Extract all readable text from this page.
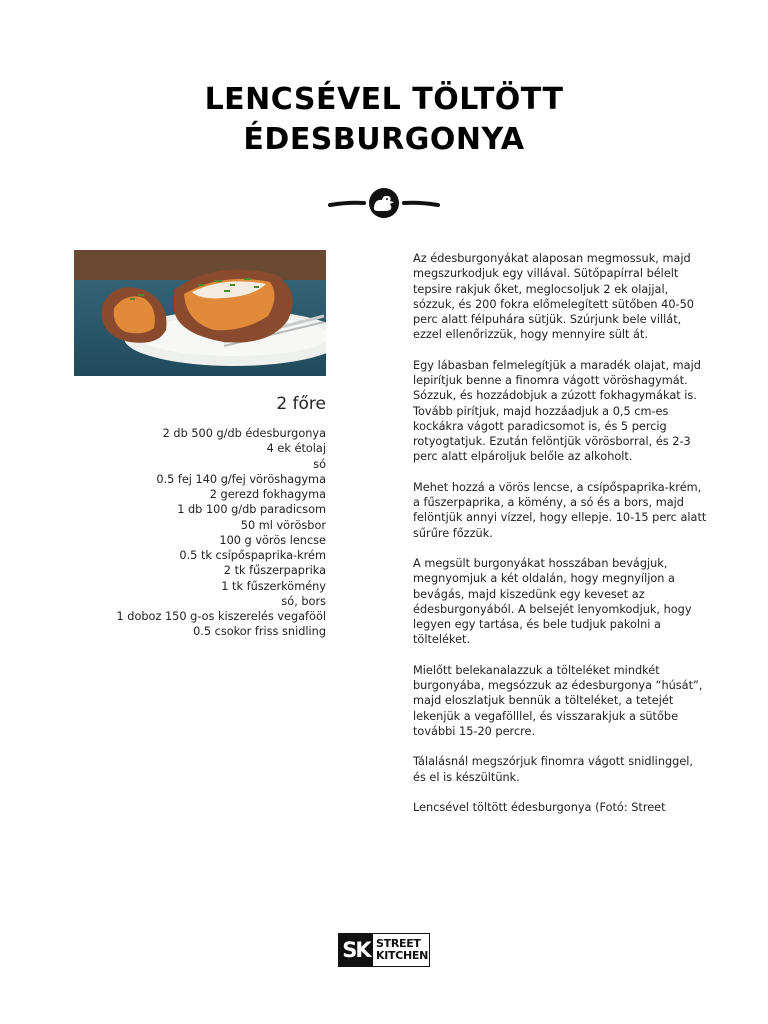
LENCSÉVEL TÖLTÖTT
ÉDESBURGONYA
2 főre
2 db 500 g/db édesburgonya
4 ek étolaj
só
0.5 fej 140 g/fej vöröshagyma
2 gerezd fokhagyma
1 db 100 g/db paradicsom
50 ml vörösbor
100 g vörös lencse
0.5 tk csípőspaprika-krém
2 tk fűszerpaprika
1 tk fűszerkömény
só, bors
1 doboz 150 g-os kiszerelés vegafööl
0.5 csokor friss snidling

Az édesburgonyákat alaposan megmossuk, majd megszurkodjuk egy villával. Sütőpapírral bélelt tepsire rakjuk őket, meglocsoljuk 2 ek olajjal, sózzuk, és 200 fokra előmelegített sütőben 40-50 perc alatt félpuhára sütjük. Szúrjunk bele villát, ezzel ellenőrizzük, hogy mennyire sült át.

Egy lábasban felmelegítjük a maradék olajat, majd lepirítjuk benne a finomra vágott vöröshagymát. Sózzuk, és hozzádobjuk a zúzott fokhagymákat is. Tovább pirítjuk, majd hozzáadjuk a 0,5 cm-es kockákra vágott paradicsomot is, és 5 percig rotyogtatjuk. Ezután felöntjük vörösborral, és 2-3 perc alatt elpároljuk belőle az alkoholt.

Mehet hozzá a vörös lencse, a csípőspaprika-krém, a fűszerpaprika, a kömény, a só és a bors, majd felöntjük annyi vízzel, hogy ellepje. 10-15 perc alatt sűrűre főzzük.

A megsült burgonyákat hosszában bevágjuk, megnyomjuk a két oldalán, hogy megnyíljon a bevágás, majd kiszedünk egy keveset az édesburgonyából. A belsejét lenyomkodjuk, hogy legyen egy tartása, és bele tudjuk pakolni a tölteléket.

Mielőtt belekanalazzuk a tölteléket mindkét burgonyába, megsózzuk az édesburgonya “húsát”, majd eloszlatjuk bennük a tölteléket, a tetejét lekenjük a vegafölllel, és visszarakjuk a sütőbe további 15-20 percre.

Tálalásnál megszórjuk finomra vágott snidlinggel, és el is készültünk.

Lencsével töltött édesburgonya (Fotó: Street

SK STREET
KITCHEN
